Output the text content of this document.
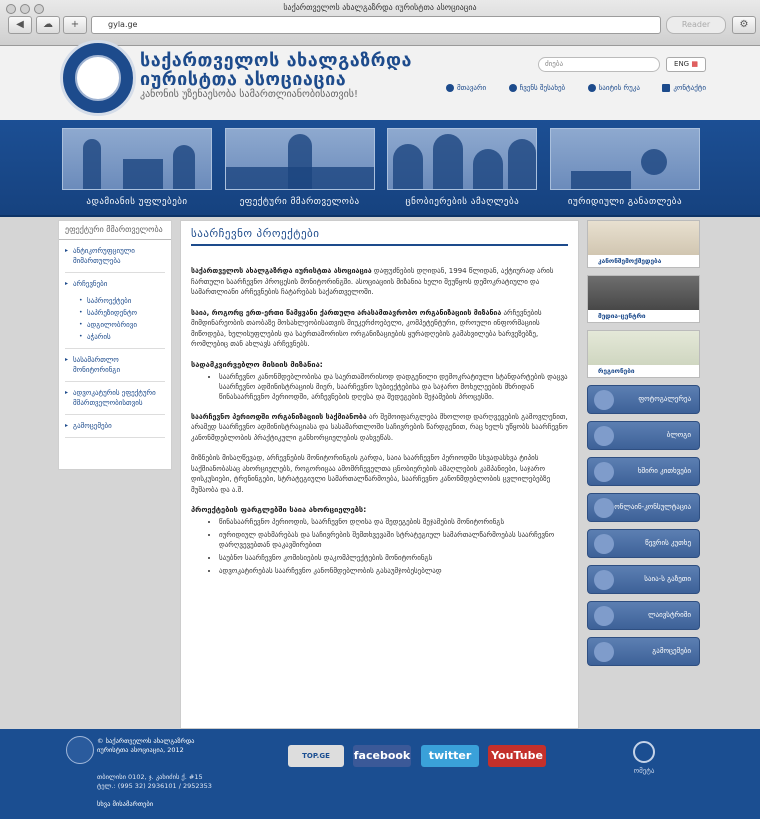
საქართველოს ახალგაზრდა იურისტთა ასოციაცია
◀	☁	+	gyla.ge	Reader	⚙
საქართველოს ახალგაზრდა
იურისტთა ასოციაცია
კანონის უზენაესობა სამართლიანობისათვის!
ძიება	ENG ▦
მთავარი	ჩვენს შესახებ	საიტის რუკა	კონტაქტი
ადამიანის უფლებები	ეფექტური მმართველობა	ცნობიერების ამაღლება	იურიდიული განათლება
ეფექტური მმართველობა
▸ ანტიკორუფციული მიმართულება
▸ არჩევნები
• საპროექტები
• საპრეზიდენტო
• ადგილობრივი
• აჭარის
▸ სასამართლო მონიტორინგი
▸ ადვოკატურის ეფექტური მმართველობისთვის
▸ გამოცემები
საარჩევნო პროექტები

საქართველოს ახალგაზრდა იურისტთა ასოციაცია დაფუძნების დღიდან, 1994 წლიდან, აქტიურად არის ჩართული საარჩევნო პროცესის მონიტორინგში. ასოციაციის მიზანია ხელი შეუწყოს დემოკრატიული და სამართლიანი არჩევნების ჩატარებას საქართველოში.

საია, როგორც ერთ-ერთი წამყვანი ქართული არასამთავრობო ორგანიზაციის მიზანია არჩევნების მიმდინარეობის თაობაზე მოსახლეობისათვის მიუკერძოებელი, კომპეტენტური, დროული ინფორმაციის მიწოდება, ხელისუფლების და საერთაშორისო ორგანიზაციების ყურადღების გამახვილება ხარვეზებზე, რომლებიც თან ახლავს არჩევნებს.

სადამკვირვებლო მისიის მიზანია:
• საარჩევნო კანონმდებლობისა და საერთაშორისოდ დადგენილი დემოკრატიული სტანდარტების დაცვა საარჩევნო ადმინისტრაციის მიერ, საარჩევნო სუბიექტებისა და საჯარო მოხელეების მხრიდან წინასაარჩევნო პერიოდში, არჩევნების დღესა და შედეგების შეჯამების პროცესში.

საარჩევნო პერიოდში ორგანიზაციის საქმიანობა არ შემოიფარგლება მხოლოდ დარღვევების გამოვლენით, არამედ საარჩევნო ადმინისტრაციასა და სასამართლოში საჩივრების წარდგენით, რაც ხელს უწყობს საარჩევნო კანონმდებლობის პრაქტიკული განხორციელების დახვეწას.

მიზნების მისაღწევად, არჩევნების მონიტორინგის გარდა, საია საარჩევნო პერიოდში სხვადასხვა ტიპის საქმიანობასაც ახორციელებს, როგორიცაა ამომრჩეველთა ცნობიერების ამაღლების კამპანიები, საჯარო დისკუსიები, ტრენინგები, სტრატეგიული სამართალწარმოება, საარჩევნო კანონმდებლობის ცვლილებებზე მუშაობა და ა.შ.

პროექტების ფარგლებში საია ახორციელებს:
• წინასაარჩევნო პერიოდის, საარჩევნო დღისა და შედეგების შეჯამების მონიტორინგს
• იურიდიულ დახმარებას და საჩივრების შემთხვევაში სტრატეგიულ სამართალწარმოებას საარჩევნო დარღვევებთან დაკავშირებით
• საუბნო საარჩევნო კომისიების დაკომპლექტების მონიტორინგს
• ადვოკატირებას საარჩევნო კანონმდებლობის გასაუმჯობესებლად
კანონშემოქმედება
მედია-ცენტრი
რეგიონები
ფოტოგალერეა
ბლოგი
ხშირი კითხვები
ონლაინ-კონსულტაცია
წევრის კუთხე
საია-ს გაზეთი
ლაივსტრიმი
გამოცემები
© საქართველოს ახალგაზრდა
იურისტთა ასოციაცია, 2012
თბილისი 0102, ჯ. კახიძის ქ. #15
ტელ.: (995 32) 2936101 / 2952353
სხვა მისამართები
TOP.GE	facebook	twitter	YouTube
ომეტა
